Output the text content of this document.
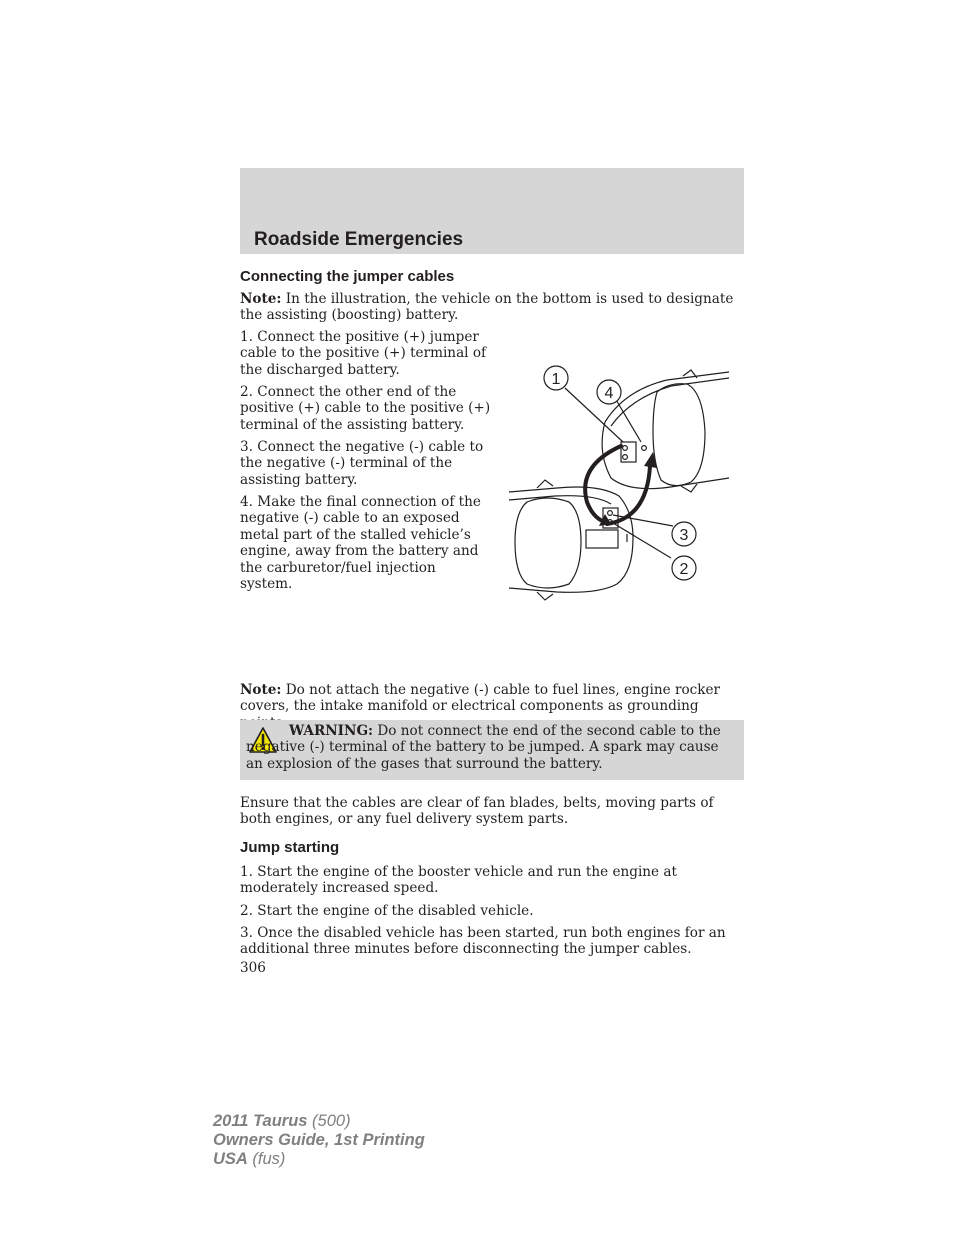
Roadside Emergencies
Connecting the jumper cables

Note: In the illustration, the vehicle on the bottom is used to designate the assisting (boosting) battery.

1. Connect the positive (+) jumper cable to the positive (+) terminal of the discharged battery.

2. Connect the other end of the positive (+) cable to the positive (+) terminal of the assisting battery.

3. Connect the negative (-) cable to the negative (-) terminal of the assisting battery.

4. Make the final connection of the negative (-) cable to an exposed metal part of the stalled vehicle’s engine, away from the battery and the carburetor/fuel injection system.

1
4
3
2

Note: Do not attach the negative (-) cable to fuel lines, engine rocker covers, the intake manifold or electrical components as grounding

WARNING: Do not connect the end of the second cable to the negative (-) terminal of the battery to be jumped. A spark may cause an explosion of the gases that surround the battery.

Ensure that the cables are clear of fan blades, belts, moving parts of both engines, or any fuel delivery system parts.

Jump starting

1. Start the engine of the booster vehicle and run the engine at moderately increased speed.

2. Start the engine of the disabled vehicle.

3. Once the disabled vehicle has been started, run both engines for an additional three minutes before disconnecting the jumper cables.

306
2011 Taurus (500)
Owners Guide, 1st Printing
USA (fus)
